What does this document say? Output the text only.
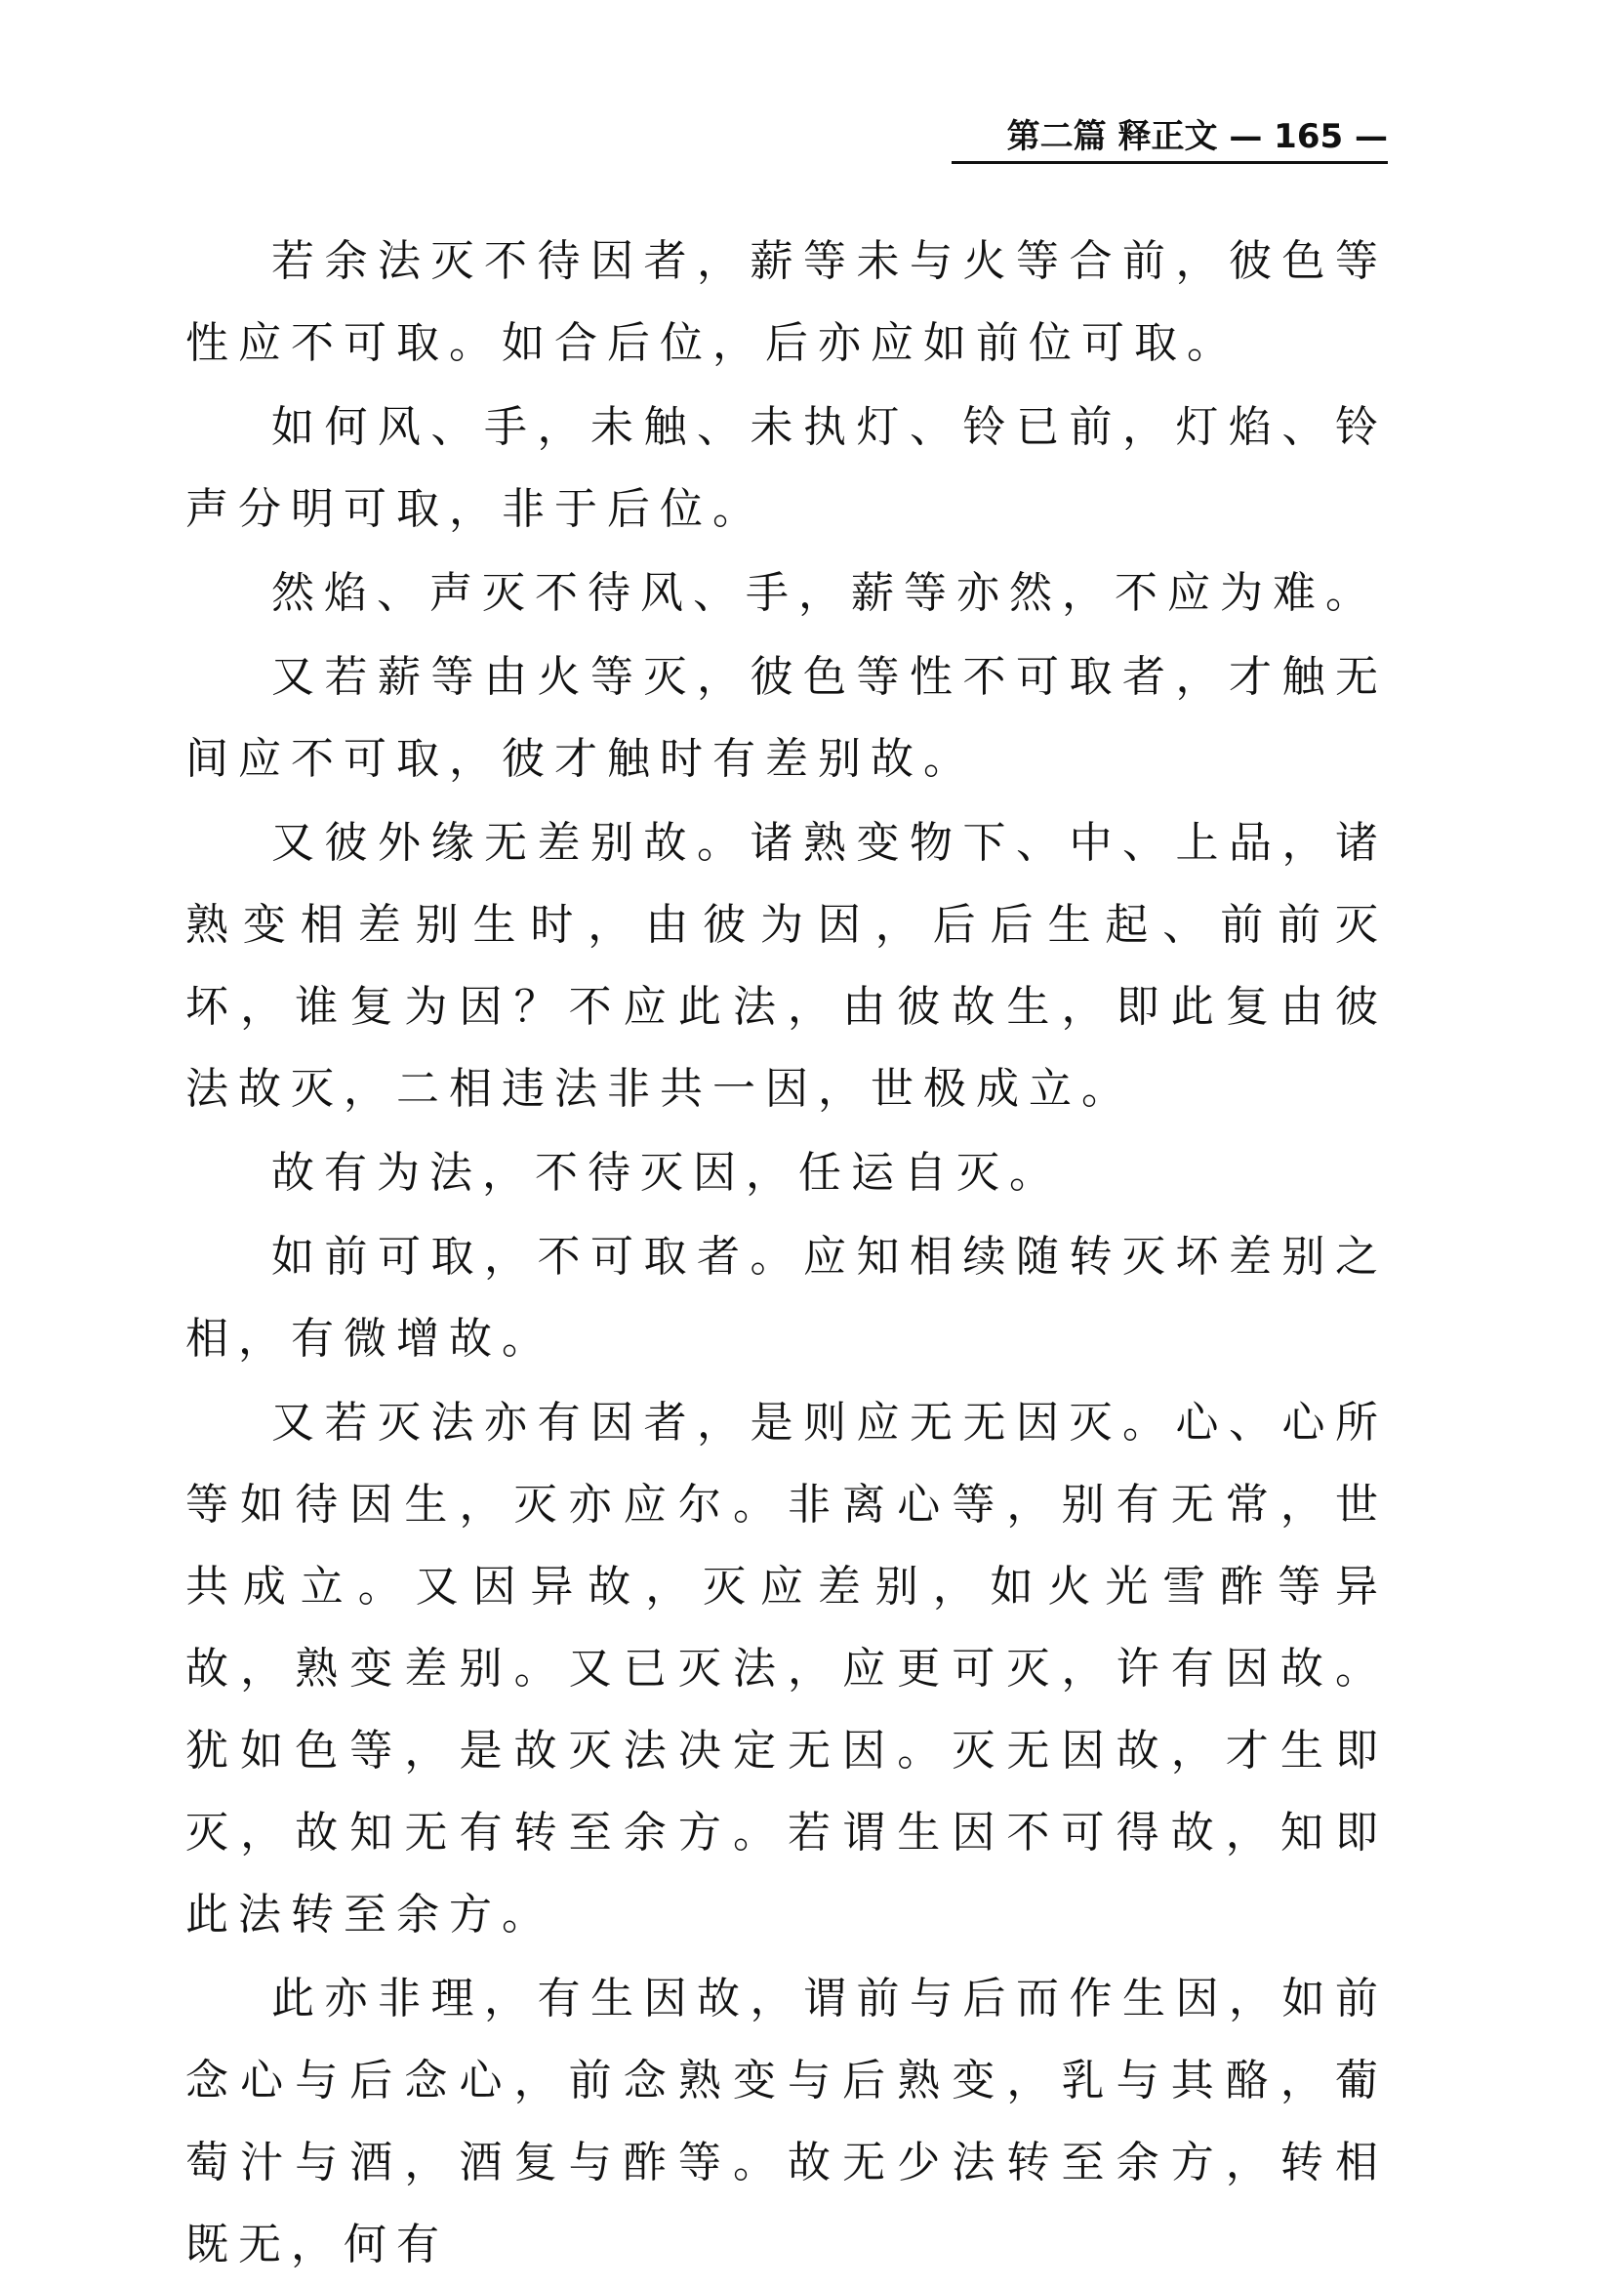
第二篇 释正文 — 165 —

若余法灭不待因者，薪等未与火等合前，彼色等性应不可取。如合后位，后亦应如前位可取。

如何风、手，未触、未执灯、铃已前，灯焰、铃声分明可取，非于后位。

然焰、声灭不待风、手，薪等亦然，不应为难。

又若薪等由火等灭，彼色等性不可取者，才触无间应不可取，彼才触时有差别故。

又彼外缘无差别故。诸熟变物下、中、上品，诸熟变相差别生时，由彼为因，后后生起、前前灭坏，谁复为因？不应此法，由彼故生，即此复由彼法故灭，二相违法非共一因，世极成立。

故有为法，不待灭因，任运自灭。

如前可取，不可取者。应知相续随转灭坏差别之相，有微增故。

又若灭法亦有因者，是则应无无因灭。心、心所等如待因生，灭亦应尔。非离心等，别有无常，世共成立。又因异故，灭应差别，如火光雪酢等异故，熟变差别。又已灭法，应更可灭，许有因故。犹如色等，是故灭法决定无因。灭无因故，才生即灭，故知无有转至余方。若谓生因不可得故，知即此法转至余方。

此亦非理，有生因故，谓前与后而作生因，如前念心与后念心，前念熟变与后熟变，乳与其酪，葡萄汁与酒，酒复与酢等。故无少法转至余方，转相既无，何有
